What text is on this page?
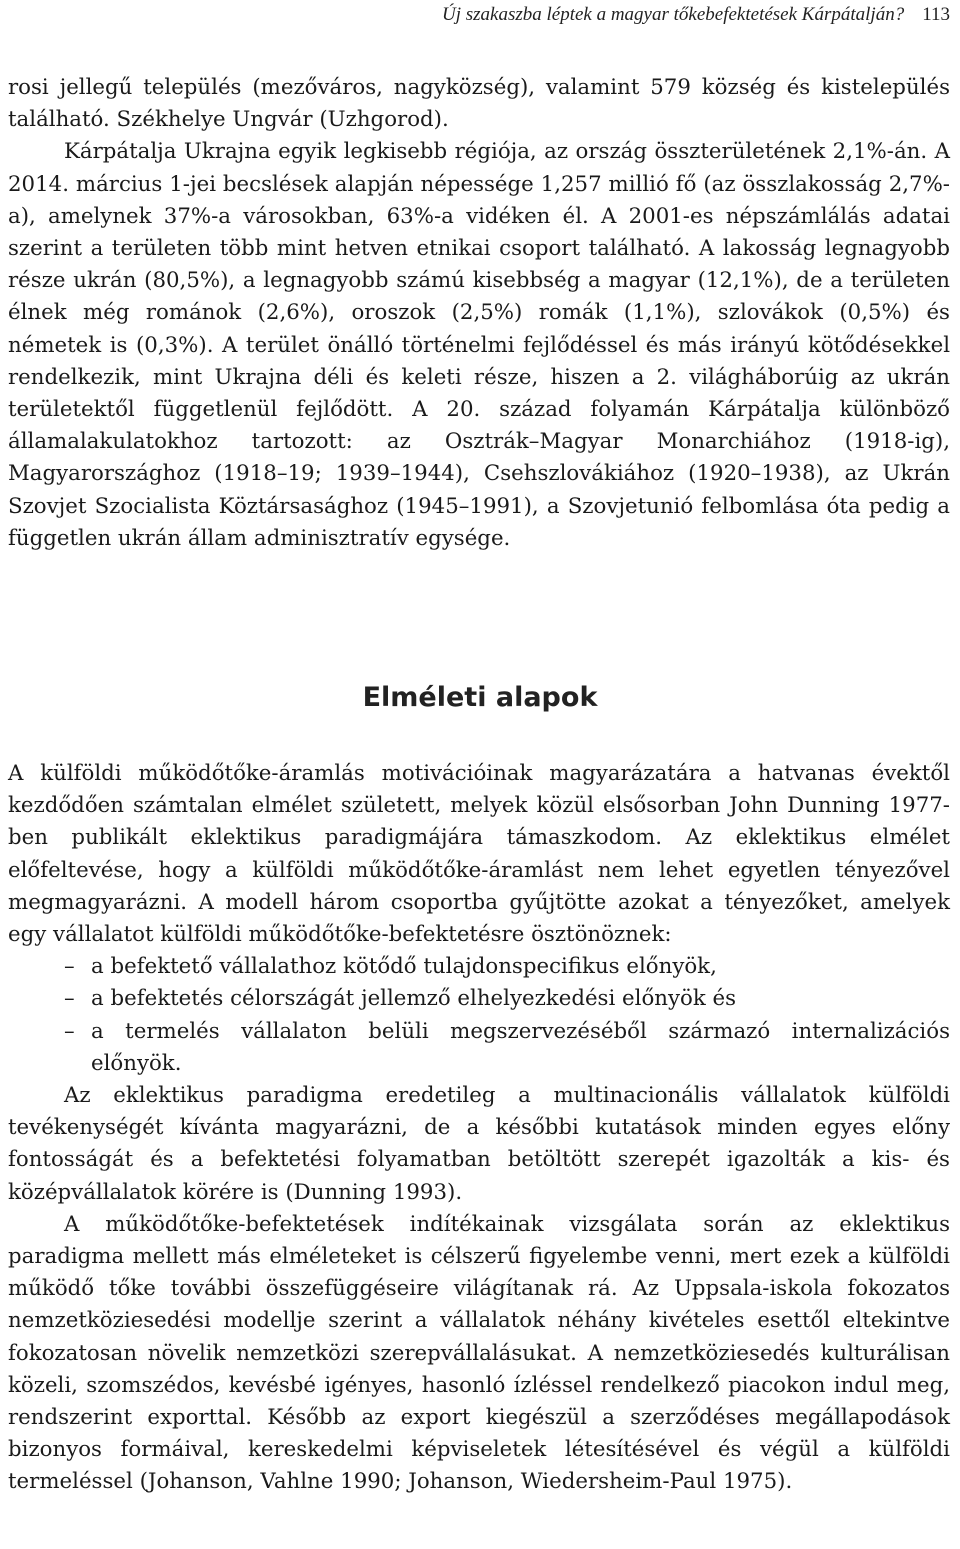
Új szakaszba léptek a magyar tőkebefektetések Kárpátalján? 113

rosi jellegű település (mezőváros, nagyközség), valamint 579 község és kistelepülés található. Székhelye Ungvár (Uzhgorod).

Kárpátalja Ukrajna egyik legkisebb régiója, az ország összterületének 2,1%-án. A 2014. március 1-jei becslések alapján népessége 1,257 millió fő (az összlakosság 2,7%-a), amelynek 37%-a városokban, 63%-a vidéken él. A 2001-es népszámlálás adatai szerint a területen több mint hetven etnikai csoport található. A lakosság legnagyobb része ukrán (80,5%), a legnagyobb számú kisebbség a magyar (12,1%), de a területen élnek még románok (2,6%), oroszok (2,5%) romák (1,1%), szlovákok (0,5%) és németek is (0,3%). A terület önálló történelmi fejlődéssel és más irányú kötődésekkel rendelkezik, mint Ukrajna déli és keleti része, hiszen a 2. világháborúig az ukrán területektől függetlenül fejlődött. A 20. század folyamán Kárpátalja különböző államalakulatokhoz tartozott: az Osztrák–Magyar Monarchiához (1918-ig), Magyarországhoz (1918–19; 1939–1944), Csehszlovákiához (1920–1938), az Ukrán Szovjet Szocialista Köztársasághoz (1945–1991), a Szovjetunió felbomlása óta pedig a független ukrán állam adminisztratív egysége.

Elméleti alapok

A külföldi működőtőke-áramlás motivációinak magyarázatára a hatvanas évektől kezdődően számtalan elmélet született, melyek közül elsősorban John Dunning 1977-ben publikált eklektikus paradigmájára támaszkodom. Az eklektikus elmélet előfeltevése, hogy a külföldi működőtőke-áramlást nem lehet egyetlen tényezővel megmagyarázni. A modell három csoportba gyűjtötte azokat a tényezőket, amelyek egy vállalatot külföldi működőtőke-befektetésre ösztönöznek:

– a befektető vállalathoz kötődő tulajdonspecifikus előnyök,
– a befektetés célországát jellemző elhelyezkedési előnyök és
– a termelés vállalaton belüli megszervezéséből származó internalizációs előnyök.

Az eklektikus paradigma eredetileg a multinacionális vállalatok külföldi tevékenységét kívánta magyarázni, de a későbbi kutatások minden egyes előny fontosságát és a befektetési folyamatban betöltött szerepét igazolták a kis- és középvállalatok körére is (Dunning 1993).

A működőtőke-befektetések indítékainak vizsgálata során az eklektikus paradigma mellett más elméleteket is célszerű figyelembe venni, mert ezek a külföldi működő tőke további összefüggéseire világítanak rá. Az Uppsala-iskola fokozatos nemzetköziesedési modellje szerint a vállalatok néhány kivételes esettől eltekintve fokozatosan növelik nemzetközi szerepvállalásukat. A nemzetköziesedés kulturálisan közeli, szomszédos, kevésbé igényes, hasonló ízléssel rendelkező piacokon indul meg, rendszerint exporttal. Később az export kiegészül a szerződéses megállapodások bizonyos formáival, kereskedelmi képviseletek létesítésével és végül a külföldi termeléssel (Johanson, Vahlne 1990; Johanson, Wiedersheim-Paul 1975).
